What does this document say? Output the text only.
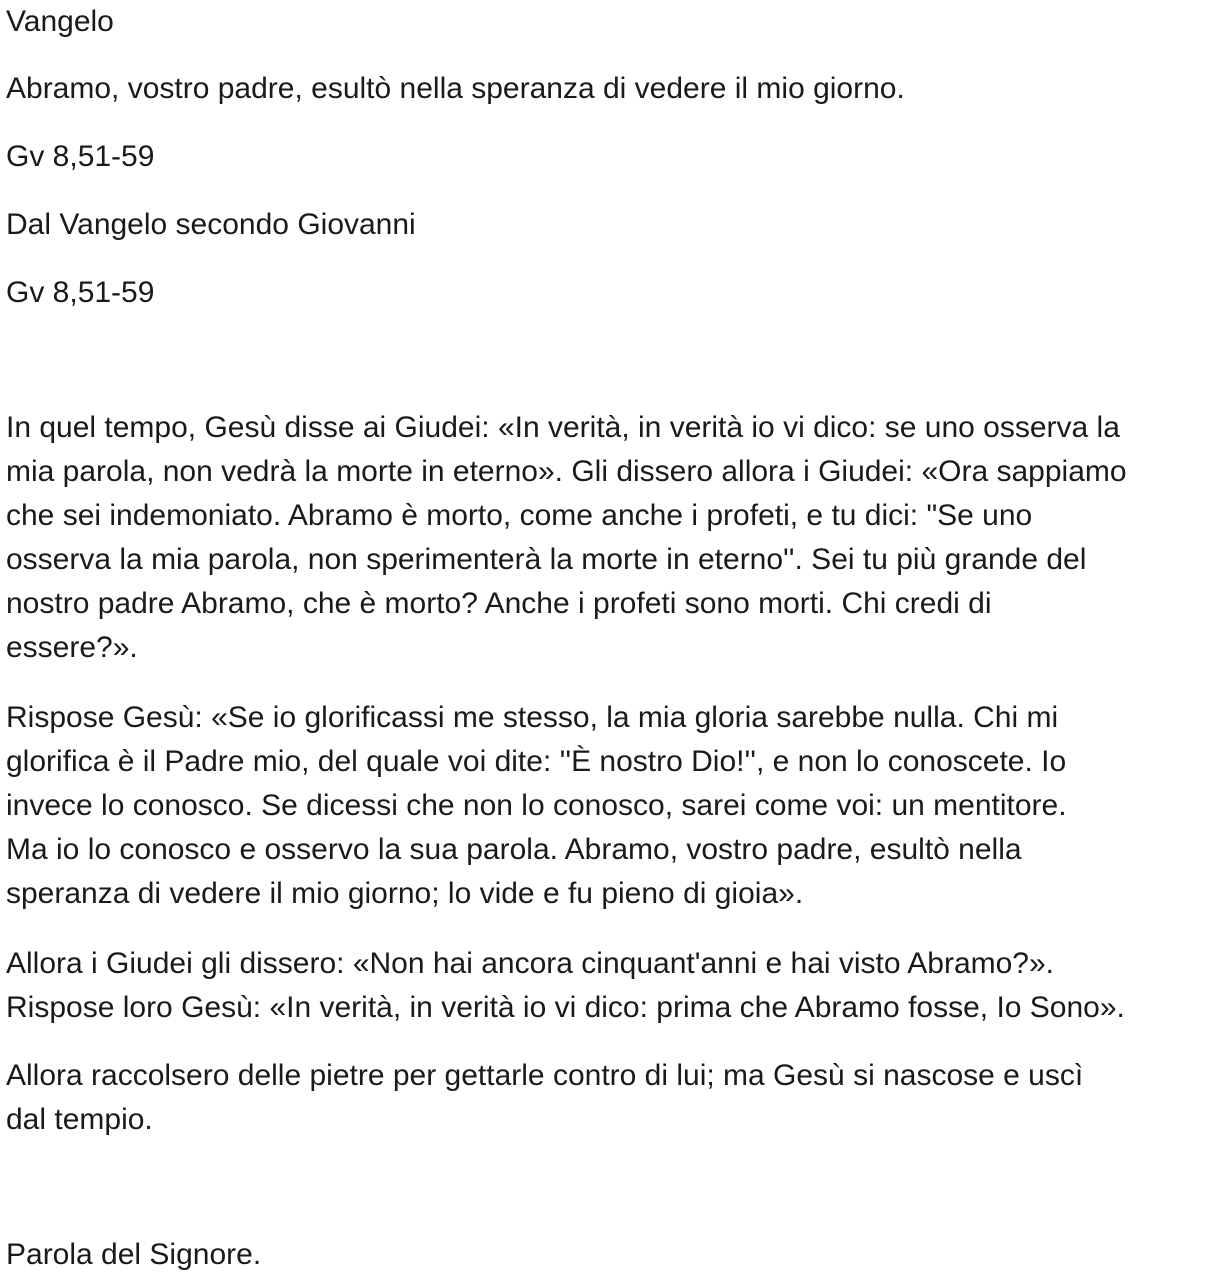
Vangelo
Abramo, vostro padre, esultò nella speranza di vedere il mio giorno.
Gv 8,51-59
Dal Vangelo secondo Giovanni
Gv 8,51-59
In quel tempo, Gesù disse ai Giudei: «In verità, in verità io vi dico: se uno osserva la
mia parola, non vedrà la morte in eterno». Gli dissero allora i Giudei: «Ora sappiamo
che sei indemoniato. Abramo è morto, come anche i profeti, e tu dici: "Se uno
osserva la mia parola, non sperimenterà la morte in eterno''. Sei tu più grande del
nostro padre Abramo, che è morto? Anche i profeti sono morti. Chi credi di
essere?».
Rispose Gesù: «Se io glorificassi me stesso, la mia gloria sarebbe nulla. Chi mi
glorifica è il Padre mio, del quale voi dite: ''È nostro Dio!'', e non lo conoscete. Io
invece lo conosco. Se dicessi che non lo conosco, sarei come voi: un mentitore.
Ma io lo conosco e osservo la sua parola. Abramo, vostro padre, esultò nella
speranza di vedere il mio giorno; lo vide e fu pieno di gioia».
Allora i Giudei gli dissero: «Non hai ancora cinquant'anni e hai visto Abramo?».
Rispose loro Gesù: «In verità, in verità io vi dico: prima che Abramo fosse, Io Sono».
Allora raccolsero delle pietre per gettarle contro di lui; ma Gesù si nascose e uscì
dal tempio.
Parola del Signore.
